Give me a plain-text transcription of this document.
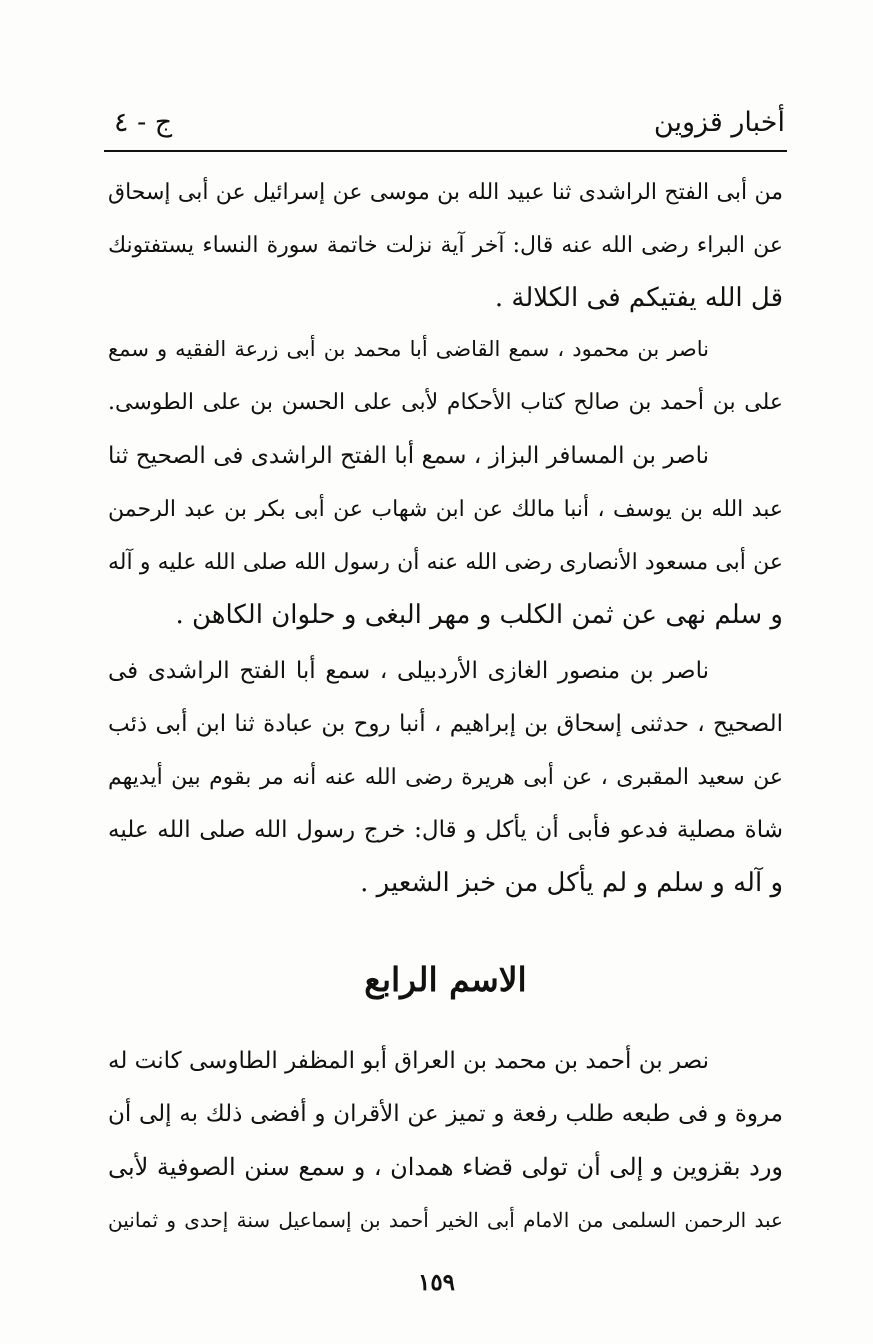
أخبار قزوين
ج - ٤
من أبى الفتح الراشدى ثنا عبيد الله بن موسى عن إسرائيل عن أبى إسحاق
عن البراء رضى الله عنه قال: آخر آية نزلت خاتمة سورة النساء يستفتونك
قل الله يفتيكم فى الكلالة .
ناصر بن محمود ، سمع القاضى أبا محمد بن أبى زرعة الفقيه و سمع
على بن أحمد بن صالح كتاب الأحكام لأبى على الحسن بن على الطوسى.
ناصر بن المسافر البزاز ، سمع أبا الفتح الراشدى فى الصحيح ثنا
عبد الله بن يوسف ، أنبا مالك عن ابن شهاب عن أبى بكر بن عبد الرحمن
عن أبى مسعود الأنصارى رضى الله عنه أن رسول الله صلى الله عليه و آله
و سلم نهى عن ثمن الكلب و مهر البغى و حلوان الكاهن .
ناصر بن منصور الغازى الأردبيلى ، سمع أبا الفتح الراشدى فى
الصحيح ، حدثنى إسحاق بن إبراهيم ، أنبا روح بن عبادة ثنا ابن أبى ذئب
عن سعيد المقبرى ، عن أبى هريرة رضى الله عنه أنه مر بقوم بين أيديهم
شاة مصلية فدعو فأبى أن يأكل و قال: خرج رسول الله صلى الله عليه
و آله و سلم و لم يأكل من خبز الشعير .
الاسم الرابع
نصر بن أحمد بن محمد بن العراق أبو المظفر الطاوسى كانت له
مروة و فى طبعه طلب رفعة و تميز عن الأقران و أفضى ذلك به إلى أن
ورد بقزوين و إلى أن تولى قضاء همدان ، و سمع سنن الصوفية لأبى
عبد الرحمن السلمى من الامام أبى الخير أحمد بن إسماعيل سنة إحدى و ثمانين
١٥٩
